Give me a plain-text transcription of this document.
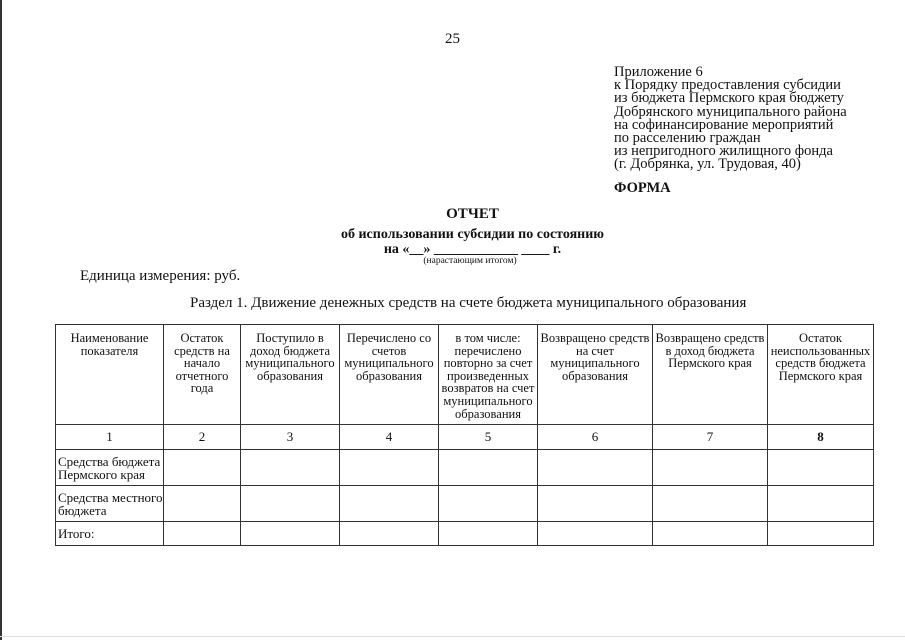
25
Приложение 6
к Порядку предоставления субсидии
из бюджета Пермского края бюджету
Добрянского муниципального района
на софинансирование мероприятий
по расселению граждан
из непригодного жилищного фонда
(г. Добрянка, ул. Трудовая, 40)
ФОРМА
ОТЧЕТ
об использовании субсидии по состоянию
на «__» ____________ ____ г.
(нарастающим итогом)
Единица измерения: руб.
Раздел 1. Движение денежных средств на счете бюджета муниципального образования
Наименование показателя	Остаток средств на начало отчетного года	Поступило в доход бюджета муниципального образования	Перечислено со счетов муниципального образования	в том числе: перечислено повторно за счет произведенных возвратов на счет муниципального образования	Возвращено средств на счет муниципального образования	Возвращено средств в доход бюджета Пермского края	Остаток неиспользованных средств бюджета Пермского края
1	2	3	4	5	6	7	8
Средства бюджета Пермского края							
Средства местного бюджета							
Итого:							
